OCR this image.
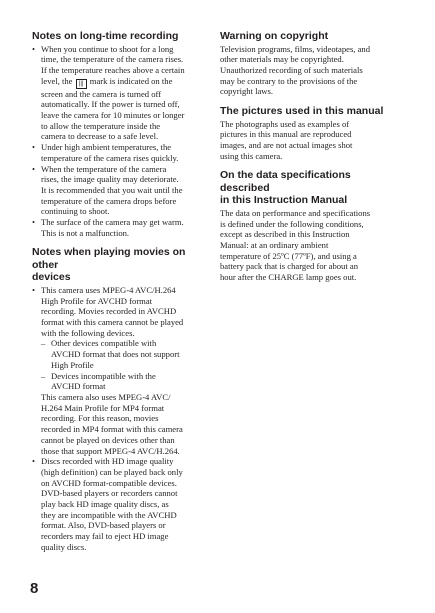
Notes on long-time recording
• When you continue to shoot for a long
time, the temperature of the camera rises.
If the temperature reaches above a certain
level, the ||| mark is indicated on the
screen and the camera is turned off
automatically. If the power is turned off,
leave the camera for 10 minutes or longer
to allow the temperature inside the
camera to decrease to a safe level.
• Under high ambient temperatures, the
temperature of the camera rises quickly.
• When the temperature of the camera
rises, the image quality may deteriorate.
It is recommended that you wait until the
temperature of the camera drops before
continuing to shoot.
• The surface of the camera may get warm.
This is not a malfunction.
Notes when playing movies on other
devices
• This camera uses MPEG-4 AVC/H.264
High Profile for AVCHD format
recording. Movies recorded in AVCHD
format with this camera cannot be played
with the following devices.
– Other devices compatible with
AVCHD format that does not support
High Profile
– Devices incompatible with the
AVCHD format
This camera also uses MPEG-4 AVC/
H.264 Main Profile for MP4 format
recording. For this reason, movies
recorded in MP4 format with this camera
cannot be played on devices other than
those that support MPEG-4 AVC/H.264.
• Discs recorded with HD image quality
(high definition) can be played back only
on AVCHD format-compatible devices.
DVD-based players or recorders cannot
play back HD image quality discs, as
they are incompatible with the AVCHD
format. Also, DVD-based players or
recorders may fail to eject HD image
quality discs.
Warning on copyright
Television programs, films, videotapes, and
other materials may be copyrighted.
Unauthorized recording of such materials
may be contrary to the provisions of the
copyright laws.
The pictures used in this manual
The photographs used as examples of
pictures in this manual are reproduced
images, and are not actual images shot
using this camera.
On the data specifications described
in this Instruction Manual
The data on performance and specifications
is defined under the following conditions,
except as described in this Instruction
Manual: at an ordinary ambient
temperature of 25ºC (77ºF), and using a
battery pack that is charged for about an
hour after the CHARGE lamp goes out.
8
